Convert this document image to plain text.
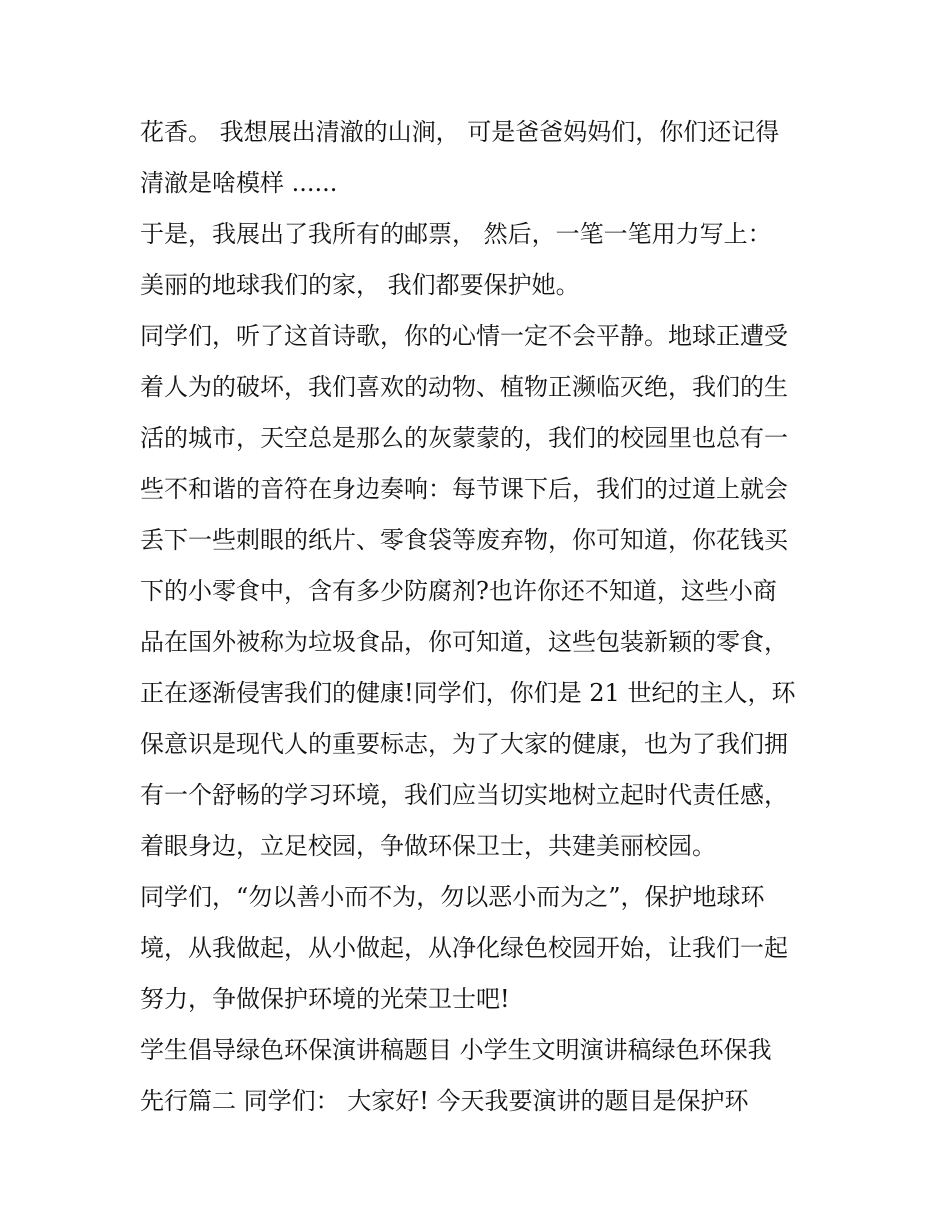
花香。 我想展出清澈的山涧， 可是爸爸妈妈们，你们还记得
清澈是啥模样 ......
于是，我展出了我所有的邮票， 然后，一笔一笔用力写上：
美丽的地球我们的家， 我们都要保护她。
同学们，听了这首诗歌，你的心情一定不会平静。地球正遭受
着人为的破坏，我们喜欢的动物、植物正濒临灭绝，我们的生
活的城市，天空总是那么的灰蒙蒙的，我们的校园里也总有一
些不和谐的音符在身边奏响：每节课下后，我们的过道上就会
丢下一些刺眼的纸片、零食袋等废弃物，你可知道，你花钱买
下的小零食中，含有多少防腐剂?也许你还不知道，这些小商
品在国外被称为垃圾食品，你可知道，这些包装新颖的零食，
正在逐渐侵害我们的健康!同学们，你们是 21 世纪的主人，环
保意识是现代人的重要标志，为了大家的健康，也为了我们拥
有一个舒畅的学习环境，我们应当切实地树立起时代责任感，
着眼身边，立足校园，争做环保卫士，共建美丽校园。
同学们，“勿以善小而不为，勿以恶小而为之”，保护地球环
境，从我做起，从小做起，从净化绿色校园开始，让我们一起
努力，争做保护环境的光荣卫士吧!
学生倡导绿色环保演讲稿题目 小学生文明演讲稿绿色环保我
先行篇二 同学们： 大家好! 今天我要演讲的题目是保护环
